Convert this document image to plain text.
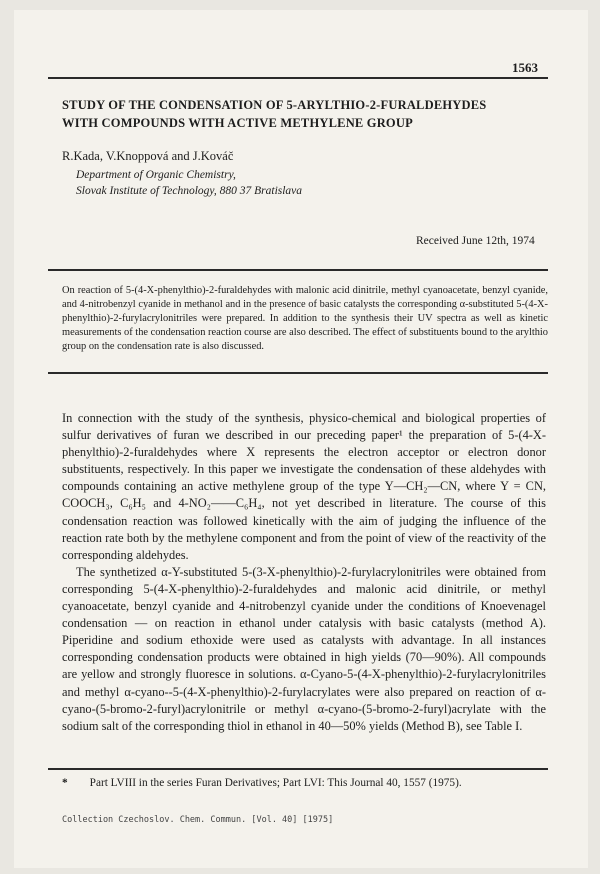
1563
STUDY OF THE CONDENSATION OF 5-ARYLTHIO-2-FURALDEHYDES
WITH COMPOUNDS WITH ACTIVE METHYLENE GROUP
R.Kada, V.Knoppová and J.Kováč
Department of Organic Chemistry,
Slovak Institute of Technology, 880 37 Bratislava
Received June 12th, 1974
On reaction of 5-(4-X-phenylthio)-2-furaldehydes with malonic acid dinitrile, methyl cyanoacetate, benzyl cyanide, and 4-nitrobenzyl cyanide in methanol and in the presence of basic catalysts the corresponding α-substituted 5-(4-X-phenylthio)-2-furylacrylonitriles were prepared. In addition to the synthesis their UV spectra as well as kinetic measurements of the condensation reaction course are also described. The effect of substituents bound to the arylthio group on the condensation rate is also discussed.

In connection with the study of the synthesis, physico-chemical and biological properties of sulfur derivatives of furan we described in our preceding paper¹ the preparation of 5-(4-X-phenylthio)-2-furaldehydes where X represents the electron acceptor or electron donor substituents, respectively. In this paper we investigate the condensation of these aldehydes with compounds containing an active methylene group of the type Y—CH₂—CN, where Y = CN, COOCH₃, C₆H₅ and 4-NO₂——C₆H₄, not yet described in literature. The course of this condensation reaction was followed kinetically with the aim of judging the influence of the reaction rate both by the methylene component and from the point of view of the reactivity of the corresponding aldehydes.

The synthetized α-Y-substituted 5-(3-X-phenylthio)-2-furylacrylonitriles were obtained from corresponding 5-(4-X-phenylthio)-2-furaldehydes and malonic acid dinitrile, or methyl cyanoacetate, benzyl cyanide and 4-nitrobenzyl cyanide under the conditions of Knoevenagel condensation — on reaction in ethanol under catalysis with basic catalysts (method A). Piperidine and sodium ethoxide were used as catalysts with advantage. In all instances corresponding condensation products were obtained in high yields (70—90%). All compounds are yellow and strongly fluoresce in solutions. α-Cyano-5-(4-X-phenylthio)-2-furylacrylonitriles and methyl α-cyano--5-(4-X-phenylthio)-2-furylacrylates were also prepared on reaction of α-cyano-(5-bromo-2-furyl)acrylonitrile or methyl α-cyano-(5-bromo-2-furyl)acrylate with the sodium salt of the corresponding thiol in ethanol in 40—50% yields (Method B), see Table I.

* Part LVIII in the series Furan Derivatives; Part LVI: This Journal 40, 1557 (1975).
Collection Czechoslov. Chem. Commun. [Vol. 40] [1975]
